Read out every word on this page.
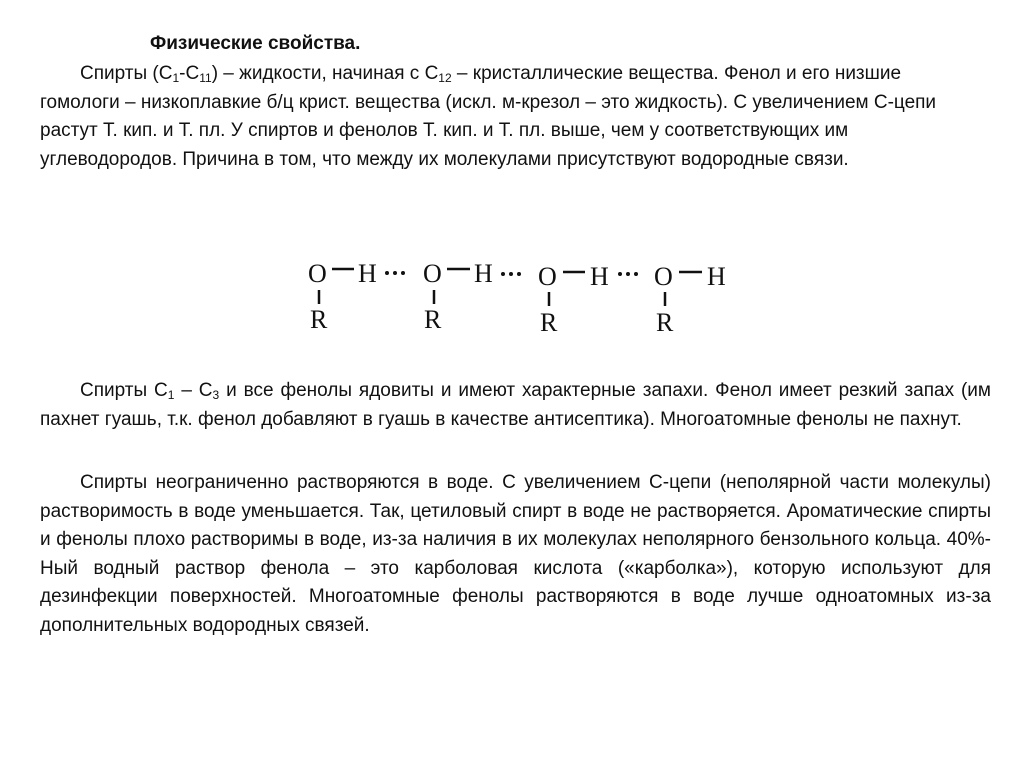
Физические свойства.

Спирты $(С_1-С_{11})$ – жидкости, начиная с $С_{12}$ – кристаллические вещества. Фенол и его низшие гомологи – низкоплавкие б/ц крист. вещества (искл. м-крезол – это жидкость). С увеличением С-цепи растут Т. кип. и Т. пл. У спиртов и фенолов Т. кип. и Т. пл. выше, чем у соответствующих им углеводородов. Причина в том, что между их молекулами присутствуют водородные связи.

O H
R
O H
R
O H
R
O H
R

Спирты $С_1 - С_3$ и все фенолы ядовиты и имеют характерные запахи. Фенол имеет резкий запах (им пахнет гуашь, т.к. фенол добавляют в гуашь в качестве антисептика). Многоатомные фенолы не пахнут.

Спирты неограниченно растворяются в воде. С увеличением С-цепи (неполярной части молекулы) растворимость в воде уменьшается. Так, цетиловый спирт в воде не растворяется. Ароматические спирты и фенолы плохо растворимы в воде, из-за наличия в их молекулах неполярного бензольного кольца. 40%-Ный водный раствор фенола – это карболовая кислота («карболка»), которую используют для дезинфекции поверхностей. Многоатомные фенолы растворяются в воде лучше одноатомных из-за дополнительных водородных связей.
